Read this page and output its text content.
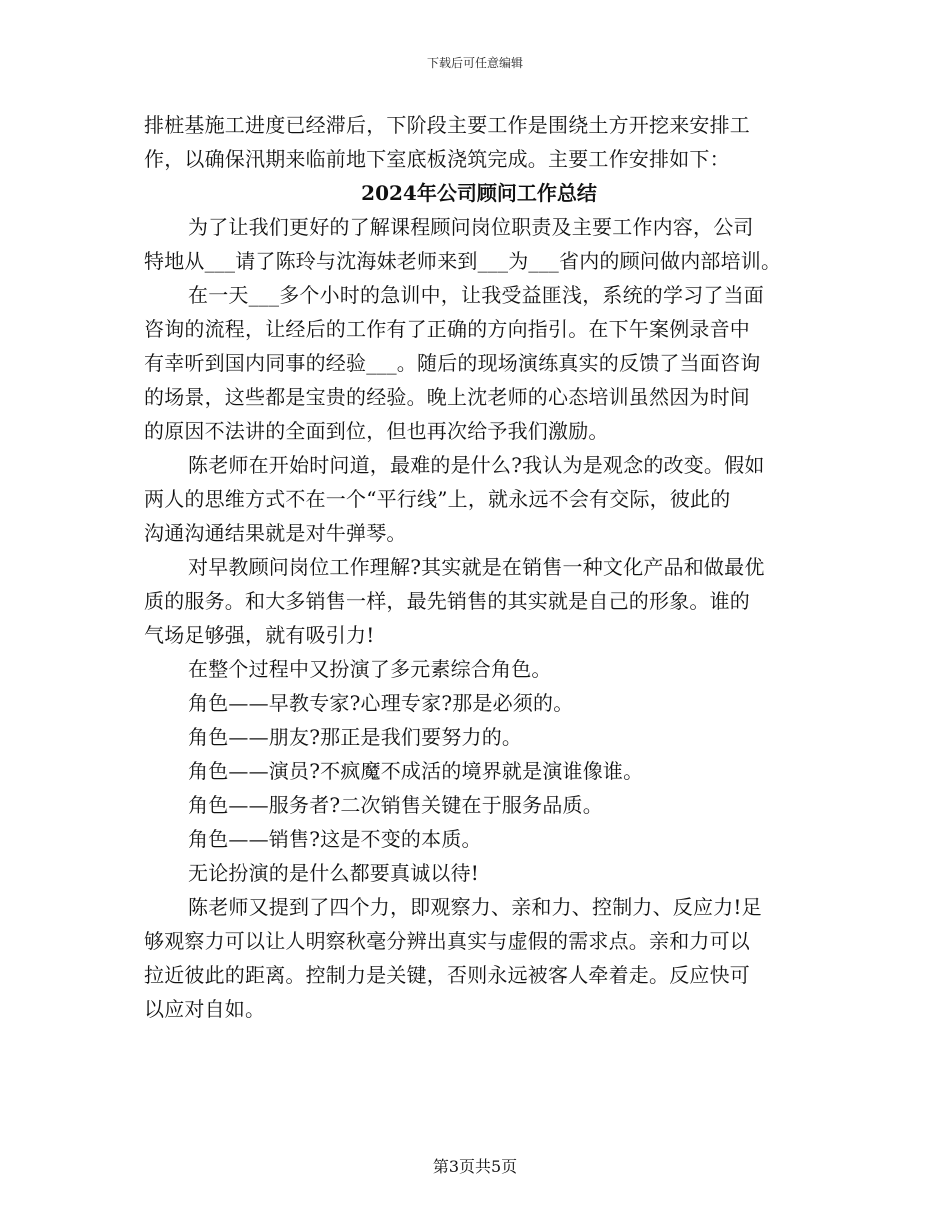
下载后可任意编辑
排桩基施工进度已经滞后，下阶段主要工作是围绕土方开挖来安排工
作，以确保汛期来临前地下室底板浇筑完成。主要工作安排如下：
2024年公司顾问工作总结
为了让我们更好的了解课程顾问岗位职责及主要工作内容，公司
特地从___请了陈玲与沈海妹老师来到___为___省内的顾问做内部培训。
在一天___多个小时的急训中，让我受益匪浅，系统的学习了当面
咨询的流程，让经后的工作有了正确的方向指引。在下午案例录音中
有幸听到国内同事的经验___。随后的现场演练真实的反馈了当面咨询
的场景，这些都是宝贵的经验。晚上沈老师的心态培训虽然因为时间
的原因不法讲的全面到位，但也再次给予我们激励。
陈老师在开始时问道，最难的是什么?我认为是观念的改变。假如
两人的思维方式不在一个“平行线”上，就永远不会有交际，彼此的
沟通沟通结果就是对牛弹琴。
对早教顾问岗位工作理解?其实就是在销售一种文化产品和做最优
质的服务。和大多销售一样，最先销售的其实就是自己的形象。谁的
气场足够强，就有吸引力!
在整个过程中又扮演了多元素综合角色。
角色——早教专家?心理专家?那是必须的。
角色——朋友?那正是我们要努力的。
角色——演员?不疯魔不成活的境界就是演谁像谁。
角色——服务者?二次销售关键在于服务品质。
角色——销售?这是不变的本质。
无论扮演的是什么都要真诚以待!
陈老师又提到了四个力，即观察力、亲和力、控制力、反应力!足
够观察力可以让人明察秋毫分辨出真实与虚假的需求点。亲和力可以
拉近彼此的距离。控制力是关键，否则永远被客人牵着走。反应快可
以应对自如。
第3页共5页
